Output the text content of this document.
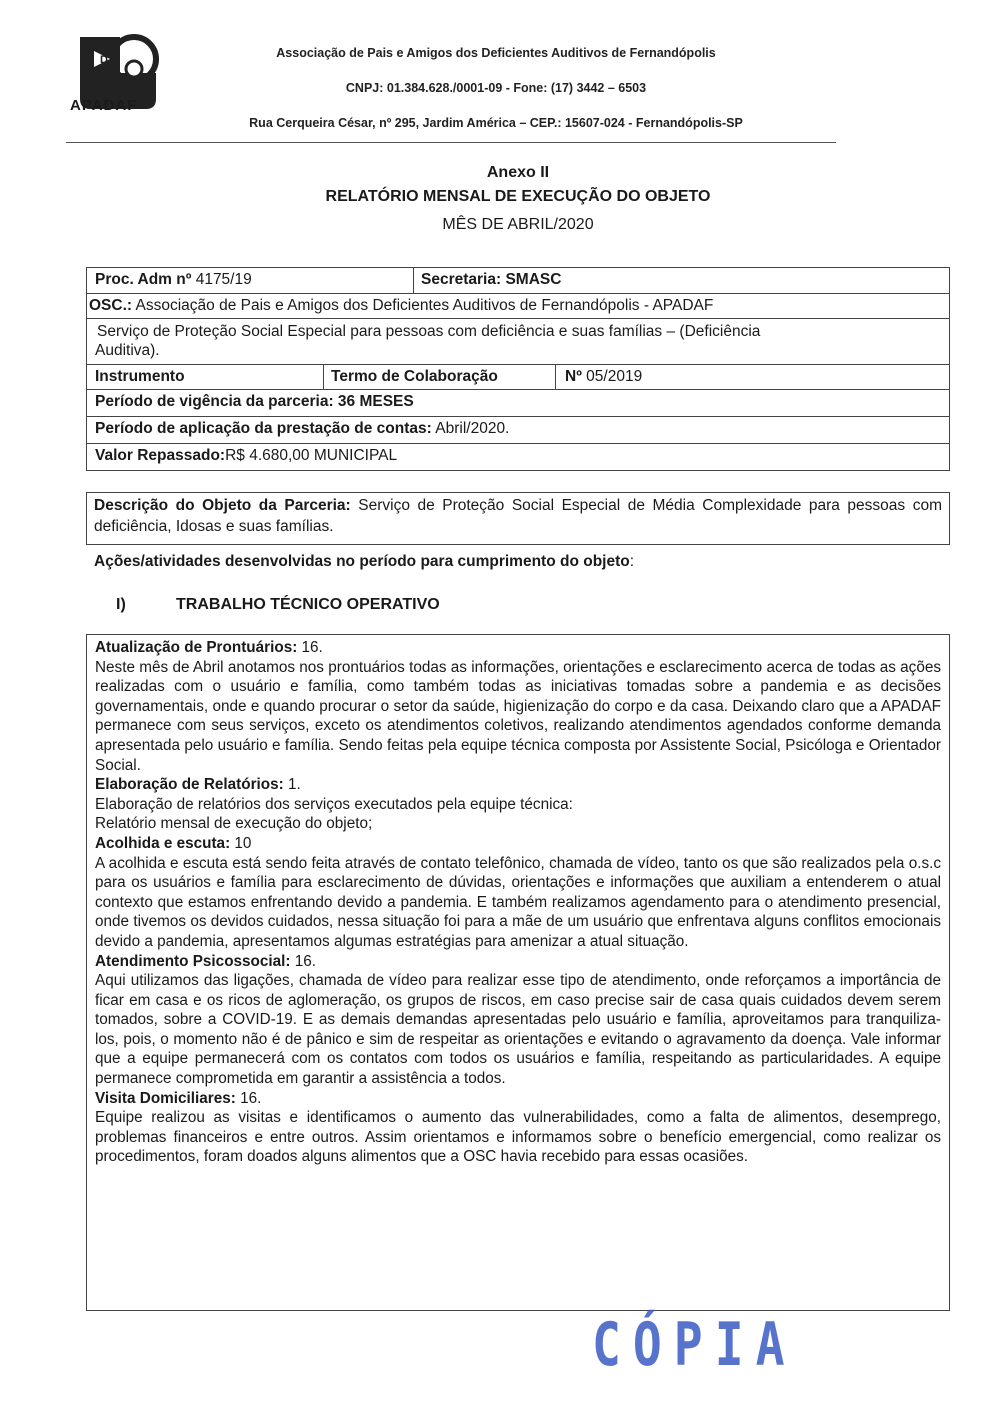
D
APADAF
Associação de Pais e Amigos dos Deficientes Auditivos de Fernandópolis
CNPJ: 01.384.628./0001-09 - Fone: (17) 3442 – 6503
Rua Cerqueira César, nº 295, Jardim América – CEP.: 15607-024 - Fernandópolis-SP
Anexo II
RELATÓRIO MENSAL DE EXECUÇÃO DO OBJETO
MÊS DE ABRIL/2020
Proc. Adm nº 4175/19	Secretaria: SMASC
OSC.: Associação de Pais e Amigos dos Deficientes Auditivos de Fernandópolis - APADAF
Serviço de Proteção Social Especial para pessoas com deficiência e suas famílias – (Deficiência
Auditiva).
Instrumento	Termo de Colaboração	Nº 05/2019
Período de vigência da parceria: 36 MESES
Período de aplicação da prestação de contas: Abril/2020.
Valor Repassado:R$ 4.680,00 MUNICIPAL
Descrição do Objeto da Parceria: Serviço de Proteção Social Especial de Média Complexidade para pessoas com deficiência, Idosas e suas famílias.
Ações/atividades desenvolvidas no período para cumprimento do objeto:
I)	TRABALHO TÉCNICO OPERATIVO

Atualização de Prontuários: 16.

Neste mês de Abril anotamos nos prontuários todas as informações, orientações e esclarecimento acerca de todas as ações realizadas com o usuário e família, como também todas as iniciativas tomadas sobre a pandemia e as decisões governamentais, onde e quando procurar o setor da saúde, higienização do corpo e da casa. Deixando claro que a APADAF permanece com seus serviços, exceto os atendimentos coletivos, realizando atendimentos agendados conforme demanda apresentada pelo usuário e família. Sendo feitas pela equipe técnica composta por Assistente Social, Psicóloga e Orientador Social.

Elaboração de Relatórios: 1.

Elaboração de relatórios dos serviços executados pela equipe técnica:

Relatório mensal de execução do objeto;

Acolhida e escuta: 10

A acolhida e escuta está sendo feita através de contato telefônico, chamada de vídeo, tanto os que são realizados pela o.s.c para os usuários e família para esclarecimento de dúvidas, orientações e informações que auxiliam a entenderem o atual contexto que estamos enfrentando devido a pandemia. E também realizamos agendamento para o atendimento presencial, onde tivemos os devidos cuidados, nessa situação foi para a mãe de um usuário que enfrentava alguns conflitos emocionais devido a pandemia, apresentamos algumas estratégias para amenizar a atual situação.

Atendimento Psicossocial: 16.

Aqui utilizamos das ligações, chamada de vídeo para realizar esse tipo de atendimento, onde reforçamos a importância de ficar em casa e os ricos de aglomeração, os grupos de riscos, em caso precise sair de casa quais cuidados devem serem tomados, sobre a COVID-19. E as demais demandas apresentadas pelo usuário e família, aproveitamos para tranquiliza-los, pois, o momento não é de pânico e sim de respeitar as orientações e evitando o agravamento da doença. Vale informar que a equipe permanecerá com os contatos com todos os usuários e família, respeitando as particularidades. A equipe permanece comprometida em garantir a assistência a todos.

Visita Domiciliares: 16.

Equipe realizou as visitas e identificamos o aumento das vulnerabilidades, como a falta de alimentos, desemprego, problemas financeiros e entre outros. Assim orientamos e informamos sobre o benefício emergencial, como realizar os procedimentos, foram doados alguns alimentos que a OSC havia recebido para essas ocasiões.

CÓPIA
